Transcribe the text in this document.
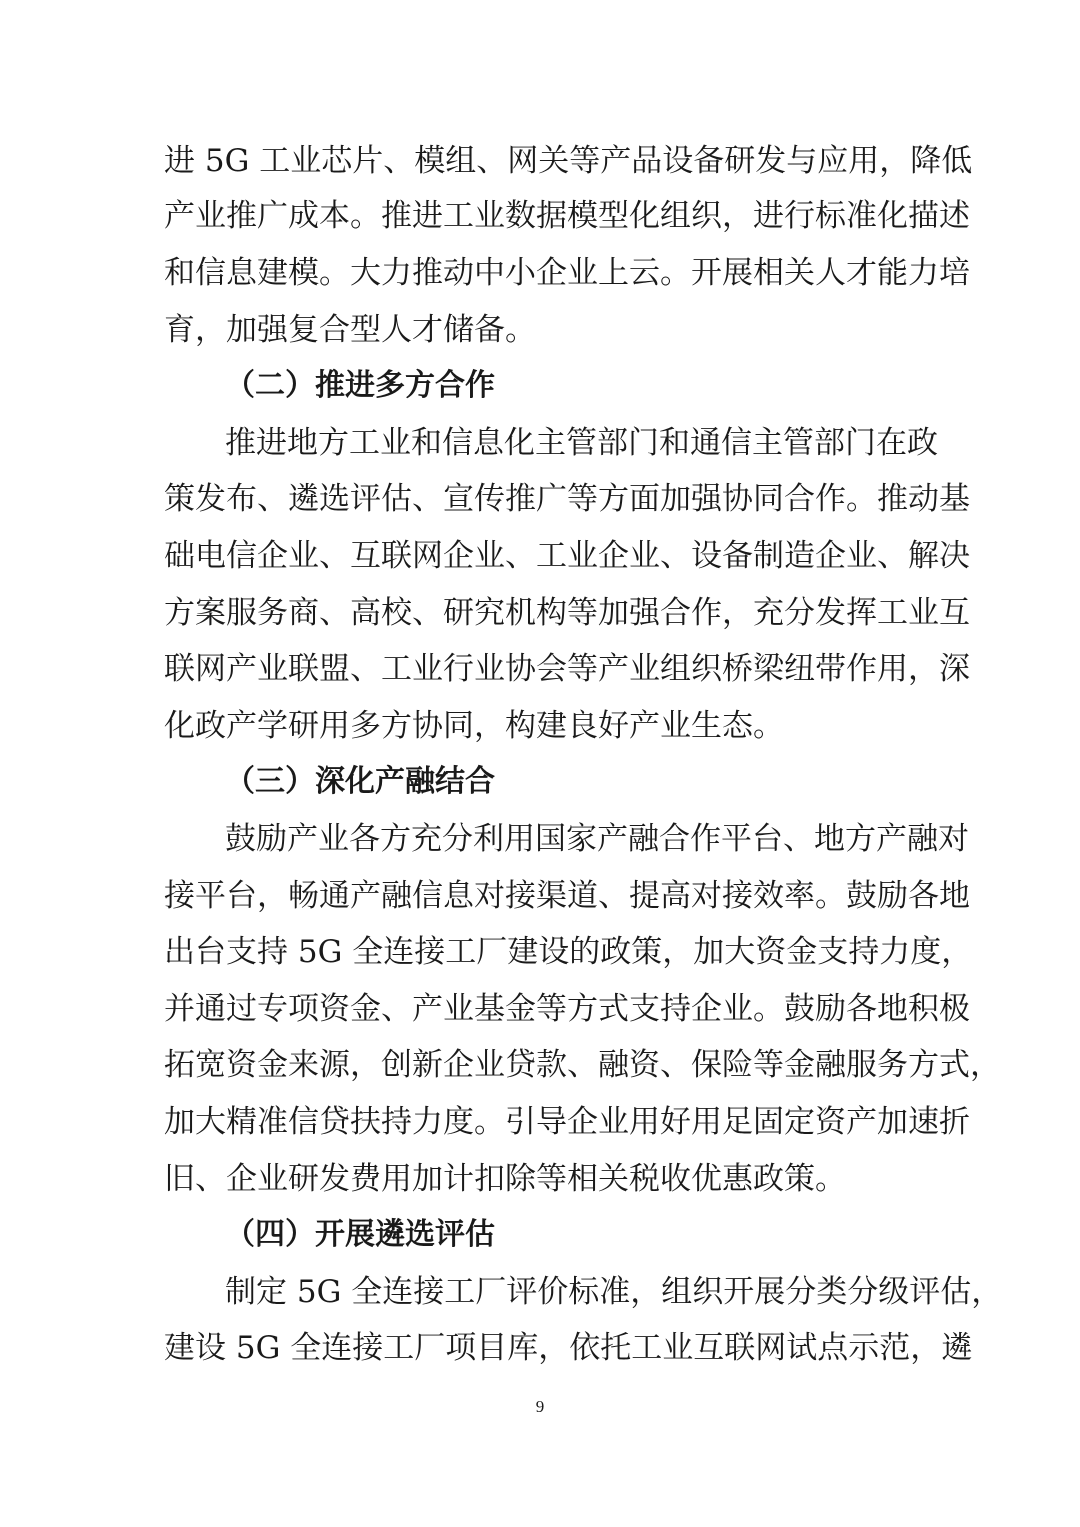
进 5G 工业芯片、模组、网关等产品设备研发与应用，降低
产业推广成本。推进工业数据模型化组织，进行标准化描述
和信息建模。大力推动中小企业上云。开展相关人才能力培
育，加强复合型人才储备。
（二）推进多方合作
推进地方工业和信息化主管部门和通信主管部门在政
策发布、遴选评估、宣传推广等方面加强协同合作。推动基
础电信企业、互联网企业、工业企业、设备制造企业、解决
方案服务商、高校、研究机构等加强合作，充分发挥工业互
联网产业联盟、工业行业协会等产业组织桥梁纽带作用，深
化政产学研用多方协同，构建良好产业生态。
（三）深化产融结合
鼓励产业各方充分利用国家产融合作平台、地方产融对
接平台，畅通产融信息对接渠道、提高对接效率。鼓励各地
出台支持 5G 全连接工厂建设的政策，加大资金支持力度，
并通过专项资金、产业基金等方式支持企业。鼓励各地积极
拓宽资金来源，创新企业贷款、融资、保险等金融服务方式，
加大精准信贷扶持力度。引导企业用好用足固定资产加速折
旧、企业研发费用加计扣除等相关税收优惠政策。
（四）开展遴选评估
制定 5G 全连接工厂评价标准，组织开展分类分级评估，
建设 5G 全连接工厂项目库，依托工业互联网试点示范，遴
9
